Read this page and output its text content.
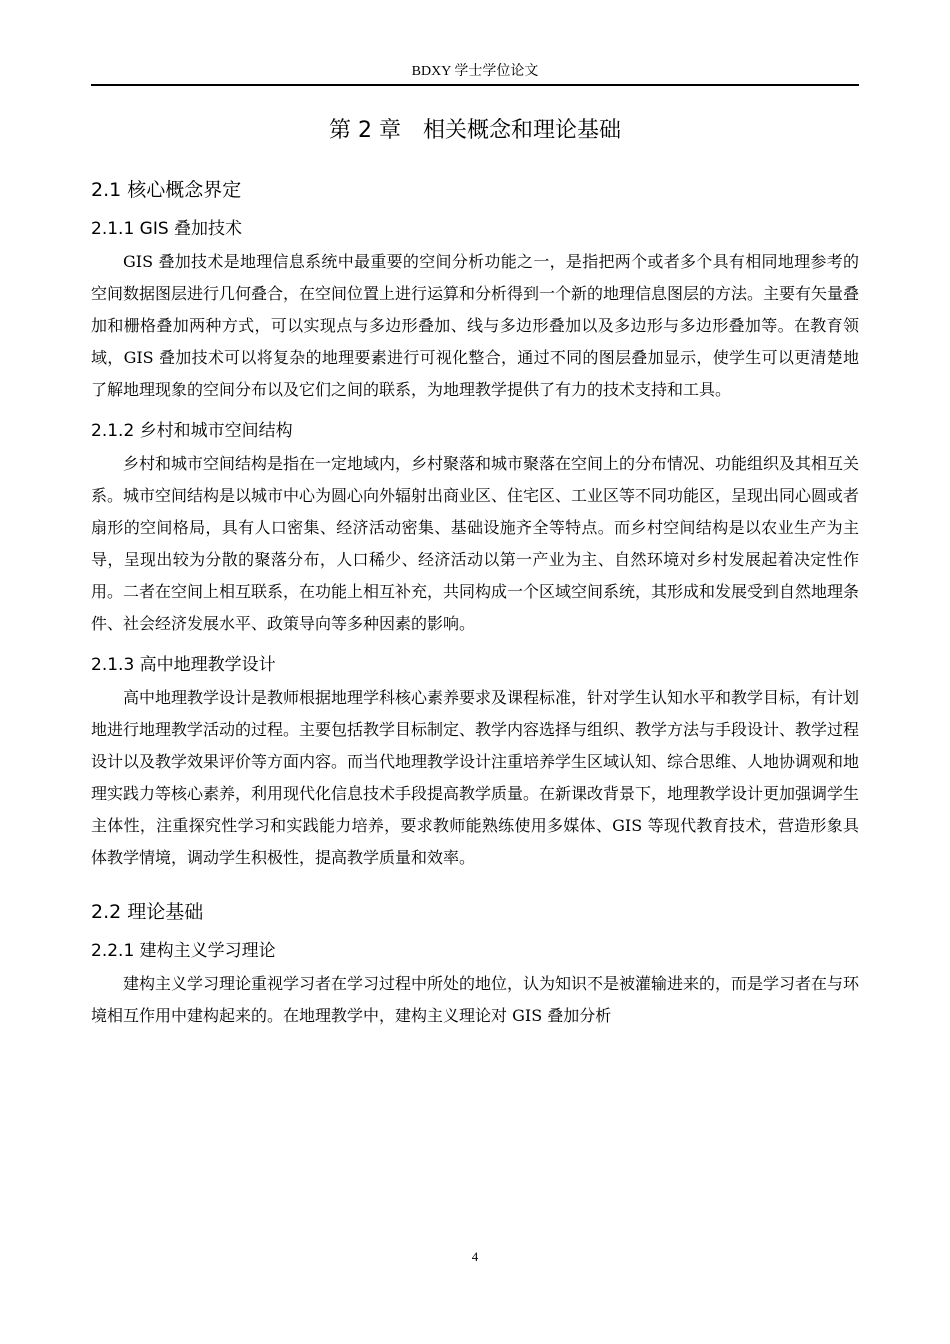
BDXY 学士学位论文
第 2 章　相关概念和理论基础
2.1 核心概念界定
2.1.1 GIS 叠加技术

GIS 叠加技术是地理信息系统中最重要的空间分析功能之一，是指把两个或者多个具有相同地理参考的空间数据图层进行几何叠合，在空间位置上进行运算和分析得到一个新的地理信息图层的方法。主要有矢量叠加和栅格叠加两种方式，可以实现点与多边形叠加、线与多边形叠加以及多边形与多边形叠加等。在教育领域，GIS 叠加技术可以将复杂的地理要素进行可视化整合，通过不同的图层叠加显示，使学生可以更清楚地了解地理现象的空间分布以及它们之间的联系，为地理教学提供了有力的技术支持和工具。

2.1.2 乡村和城市空间结构

乡村和城市空间结构是指在一定地域内，乡村聚落和城市聚落在空间上的分布情况、功能组织及其相互关系。城市空间结构是以城市中心为圆心向外辐射出商业区、住宅区、工业区等不同功能区，呈现出同心圆或者扇形的空间格局，具有人口密集、经济活动密集、基础设施齐全等特点。而乡村空间结构是以农业生产为主导，呈现出较为分散的聚落分布，人口稀少、经济活动以第一产业为主、自然环境对乡村发展起着决定性作用。二者在空间上相互联系，在功能上相互补充，共同构成一个区域空间系统，其形成和发展受到自然地理条件、社会经济发展水平、政策导向等多种因素的影响。

2.1.3 高中地理教学设计

高中地理教学设计是教师根据地理学科核心素养要求及课程标准，针对学生认知水平和教学目标，有计划地进行地理教学活动的过程。主要包括教学目标制定、教学内容选择与组织、教学方法与手段设计、教学过程设计以及教学效果评价等方面内容。而当代地理教学设计注重培养学生区域认知、综合思维、人地协调观和地理实践力等核心素养，利用现代化信息技术手段提高教学质量。在新课改背景下，地理教学设计更加强调学生主体性，注重探究性学习和实践能力培养，要求教师能熟练使用多媒体、GIS 等现代教育技术，营造形象具体教学情境，调动学生积极性，提高教学质量和效率。

2.2 理论基础
2.2.1 建构主义学习理论

建构主义学习理论重视学习者在学习过程中所处的地位，认为知识不是被灌输进来的，而是学习者在与环境相互作用中建构起来的。在地理教学中，建构主义理论对 GIS 叠加分析

4
